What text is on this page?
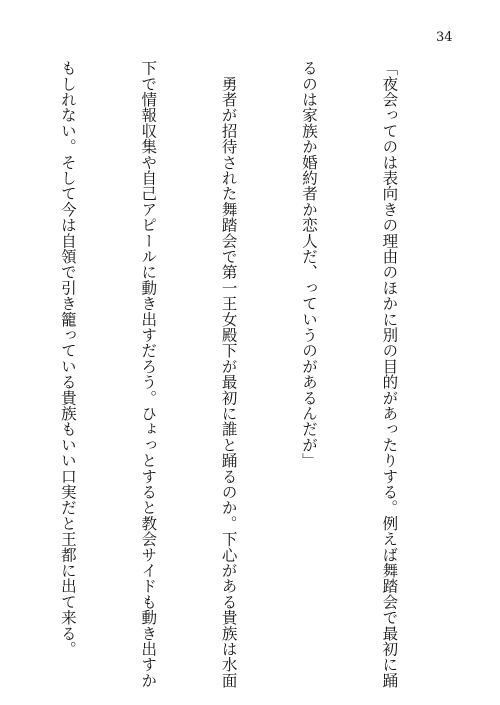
34

「夜会ってのは表向きの理由のほかに別の目的があったりする。例えば舞踏会で最初に踊

るのは家族か婚約者か恋人だ、っていうのがあるんだが」

　勇者が招待された舞踏会で第一王女殿下が最初に誰と踊るのか。下心がある貴族は水面

下で情報収集や自己アピールに動き出すだろう。ひょっとすると教会サイドも動き出すか

もしれない。そして今は自領で引き籠っている貴族もいい口実だと王都に出て来る。
